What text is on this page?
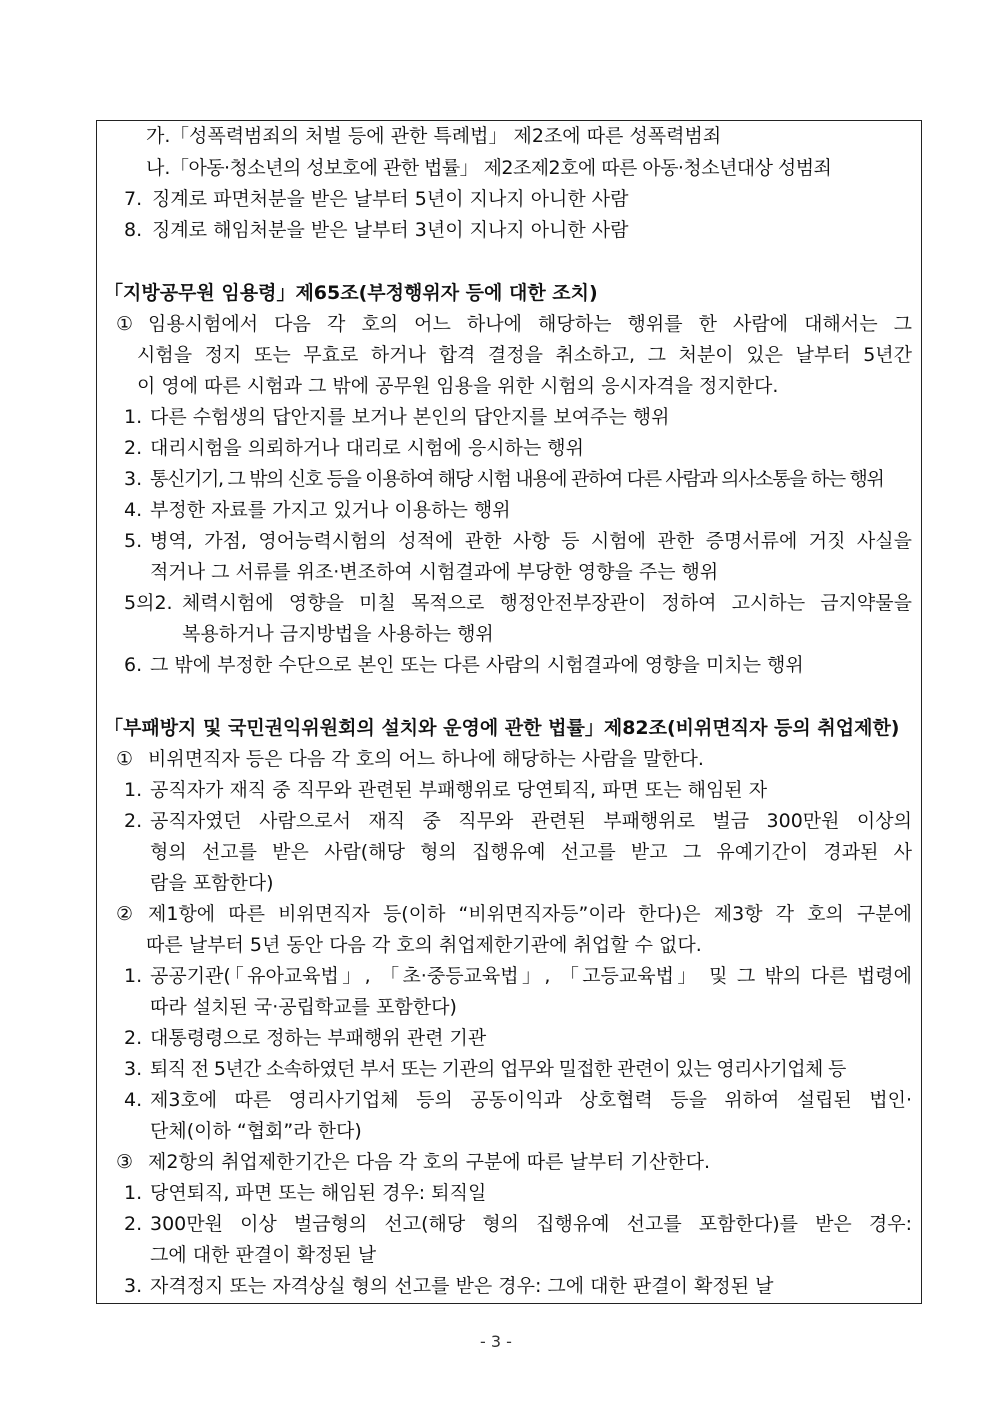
가. 「성폭력범죄의 처벌 등에 관한 특례법」 제2조에 따른 성폭력범죄
나. 「아동·청소년의 성보호에 관한 법률」 제2조제2호에 따른 아동·청소년대상 성범죄
7. 징계로 파면처분을 받은 날부터 5년이 지나지 아니한 사람
8. 징계로 해임처분을 받은 날부터 3년이 지나지 아니한 사람
「지방공무원 임용령」제65조(부정행위자 등에 대한 조치)
① 임용시험에서 다음 각 호의 어느 하나에 해당하는 행위를 한 사람에 대해서는 그
시험을 정지 또는 무효로 하거나 합격 결정을 취소하고, 그 처분이 있은 날부터 5년간
이 영에 따른 시험과 그 밖에 공무원 임용을 위한 시험의 응시자격을 정지한다.
1. 다른 수험생의 답안지를 보거나 본인의 답안지를 보여주는 행위
2. 대리시험을 의뢰하거나 대리로 시험에 응시하는 행위
3. 통신기기, 그 밖의 신호 등을 이용하여 해당 시험 내용에 관하여 다른 사람과 의사소통을 하는 행위
4. 부정한 자료를 가지고 있거나 이용하는 행위
5. 병역, 가점, 영어능력시험의 성적에 관한 사항 등 시험에 관한 증명서류에 거짓 사실을
적거나 그 서류를 위조·변조하여 시험결과에 부당한 영향을 주는 행위
5의2. 체력시험에 영향을 미칠 목적으로 행정안전부장관이 정하여 고시하는 금지약물을
복용하거나 금지방법을 사용하는 행위
6. 그 밖에 부정한 수단으로 본인 또는 다른 사람의 시험결과에 영향을 미치는 행위
「부패방지 및 국민권익위원회의 설치와 운영에 관한 법률」 제82조(비위면직자 등의 취업제한)
① 비위면직자 등은 다음 각 호의 어느 하나에 해당하는 사람을 말한다.
1. 공직자가 재직 중 직무와 관련된 부패행위로 당연퇴직, 파면 또는 해임된 자
2. 공직자였던 사람으로서 재직 중 직무와 관련된 부패행위로 벌금 300만원 이상의
형의 선고를 받은 사람(해당 형의 집행유예 선고를 받고 그 유예기간이 경과된 사
람을 포함한다)
② 제1항에 따른 비위면직자 등(이하 “비위면직자등”이라 한다)은 제3항 각 호의 구분에
따른 날부터 5년 동안 다음 각 호의 취업제한기관에 취업할 수 없다.
1. 공공기관(「유아교육법」, 「초·중등교육법」, 「고등교육법」 및 그 밖의 다른 법령에
따라 설치된 국·공립학교를 포함한다)
2. 대통령령으로 정하는 부패행위 관련 기관
3. 퇴직 전 5년간 소속하였던 부서 또는 기관의 업무와 밀접한 관련이 있는 영리사기업체 등
4. 제3호에 따른 영리사기업체 등의 공동이익과 상호협력 등을 위하여 설립된 법인·
단체(이하 “협회”라 한다)
③ 제2항의 취업제한기간은 다음 각 호의 구분에 따른 날부터 기산한다.
1. 당연퇴직, 파면 또는 해임된 경우: 퇴직일
2. 300만원 이상 벌금형의 선고(해당 형의 집행유예 선고를 포함한다)를 받은 경우:
그에 대한 판결이 확정된 날
3. 자격정지 또는 자격상실 형의 선고를 받은 경우: 그에 대한 판결이 확정된 날
- 3 -
